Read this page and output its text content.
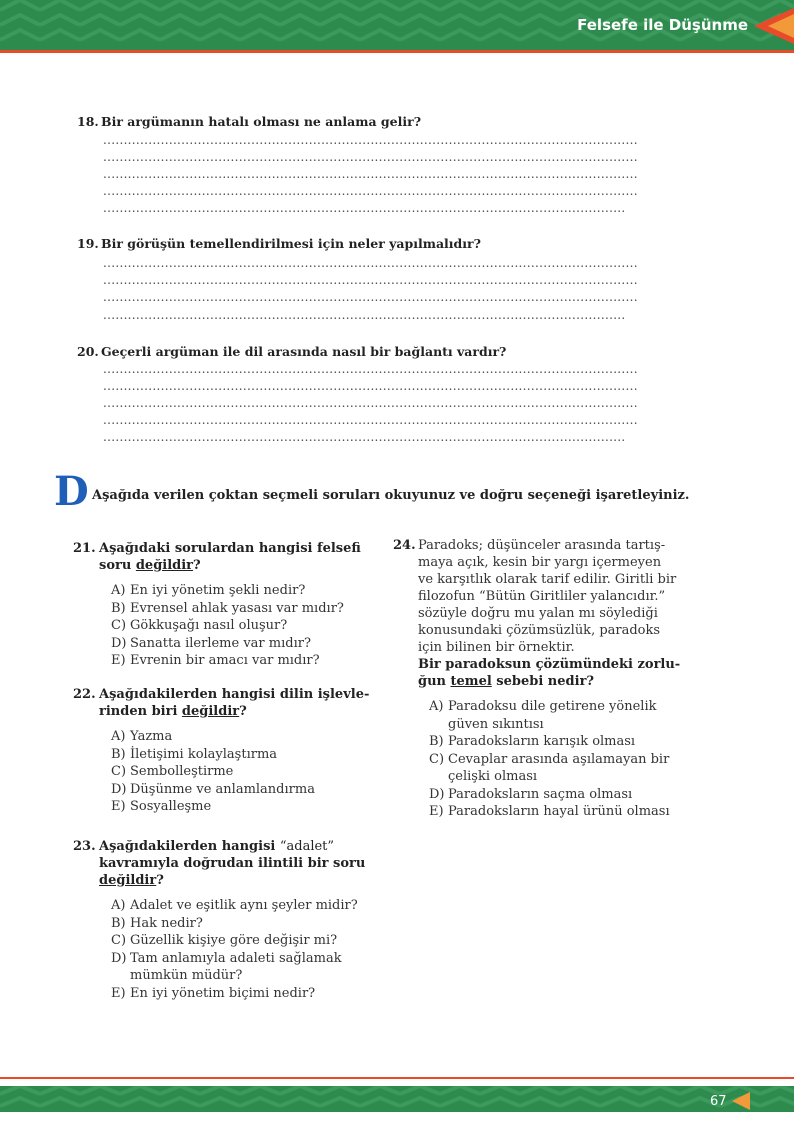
Felsefe ile Düşünme
18. Bir argümanın hatalı olması ne anlama gelir?
..................................................................................................................................
..................................................................................................................................
..................................................................................................................................
..................................................................................................................................
...............................................................................................................................
19. Bir görüşün temellendirilmesi için neler yapılmalıdır?
..................................................................................................................................
..................................................................................................................................
..................................................................................................................................
...............................................................................................................................
20. Geçerli argüman ile dil arasında nasıl bir bağlantı vardır?
..................................................................................................................................
..................................................................................................................................
..................................................................................................................................
..................................................................................................................................
...............................................................................................................................
D Aşağıda verilen çoktan seçmeli soruları okuyunuz ve doğru seçeneği işaretleyiniz.
21. Aşağıdaki sorulardan hangisi felsefi
soru değildir?
A) En iyi yönetim şekli nedir?
B) Evrensel ahlak yasası var mıdır?
C) Gökkuşağı nasıl oluşur?
D) Sanatta ilerleme var mıdır?
E) Evrenin bir amacı var mıdır?
22. Aşağıdakilerden hangisi dilin işlevle-
rinden biri değildir?
A) Yazma
B) İletişimi kolaylaştırma
C) Sembolleştirme
D) Düşünme ve anlamlandırma
E) Sosyalleşme
23. Aşağıdakilerden hangisi “adalet”
kavramıyla doğrudan ilintili bir soru
değildir?
A) Adalet ve eşitlik aynı şeyler midir?
B) Hak nedir?
C) Güzellik kişiye göre değişir mi?
D) Tam anlamıyla adaleti sağlamak
mümkün müdür?
E) En iyi yönetim biçimi nedir?
24. Paradoks; düşünceler arasında tartış-
maya açık, kesin bir yargı içermeyen
ve karşıtlık olarak tarif edilir. Giritli bir
filozofun “Bütün Giritliler yalancıdır.”
sözüyle doğru mu yalan mı söylediği
konusundaki çözümsüzlük, paradoks
için bilinen bir örnektir.
Bir paradoksun çözümündeki zorlu-
ğun temel sebebi nedir?
A) Paradoksu dile getirene yönelik
güven sıkıntısı
B) Paradoksların karışık olması
C) Cevaplar arasında aşılamayan bir
çelişki olması
D) Paradoksların saçma olması
E) Paradoksların hayal ürünü olması
67
